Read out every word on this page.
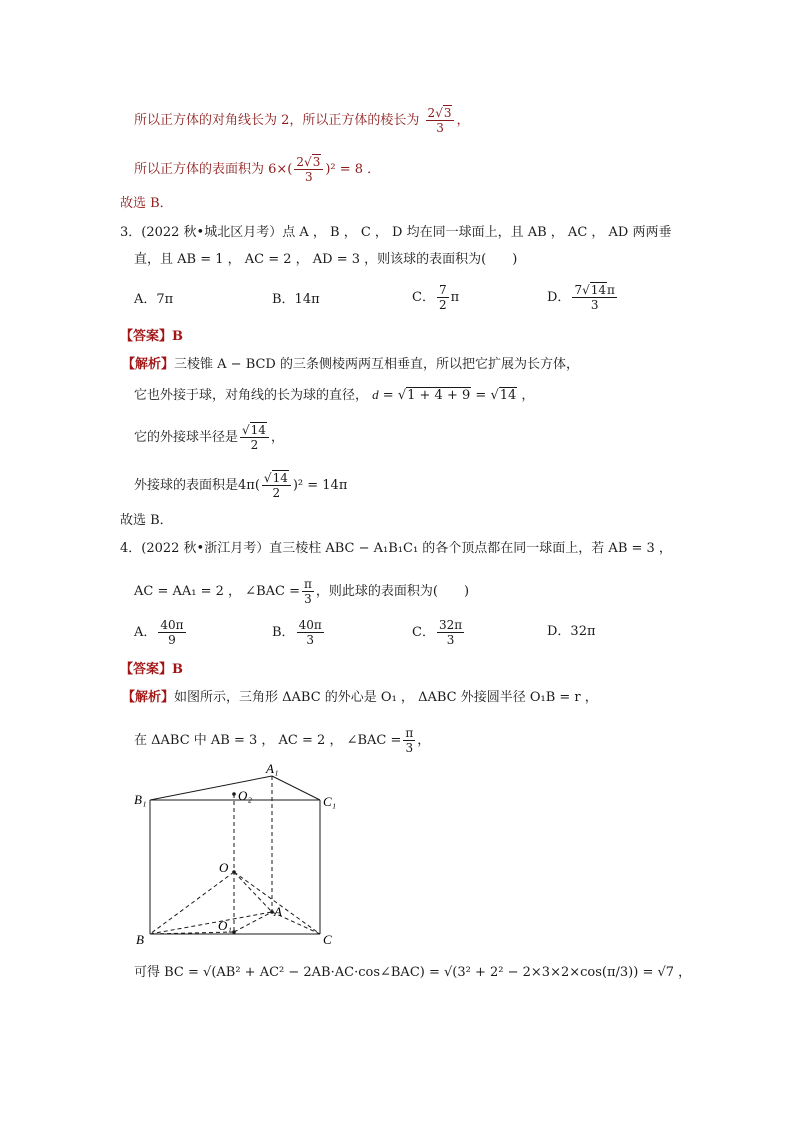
所以正方体的对角线长为 2，所以正方体的棱长为 $\frac{2√3}{3}$ ，
所以正方体的表面积为 $6\times( \frac{2√3}{3} )^2 = 8$ ．
故选 B．
3．(2022 秋•城北区月考）点 A ， B ， C ， D 均在同一球面上，且 AB ， AC ， AD 两两垂
直，且 AB = 1 ， AC = 2 ， AD = 3 ，则该球的表面积为(　　)
A．7π	B．14π	C． $\frac{7}{2}$ π	D． $\frac{7√14\pi}{3}$
【答案】B
【解析】三棱锥 A − BCD 的三条侧棱两两互相垂直，所以把它扩展为长方体，
它也外接于球，对角线的长为球的直径， d = √1 + 4 + 9 = √14 ，
它的外接球半径是 $\frac{√14}{2}$ ，
外接球的表面积是$4\pi( \frac{√14}{2} )^2 = 14\pi$
故选 B．
4．(2022 秋•浙江月考）直三棱柱 ABC − A₁B₁C₁ 的各个顶点都在同一球面上，若 AB = 3 ，
AC = AA₁ = 2 ， ∠BAC = $\frac{\pi}{3}$ ，则此球的表面积为(　　)
A． $\frac{40\pi}{9}$	B． $\frac{40\pi}{3}$	C． $\frac{32\pi}{3}$	D．32π
【答案】B
【解析】如图所示，三角形 ΔABC 的外心是 O₁ ， ΔABC 外接圆半径 O₁B = r ，
在 ΔABC 中 AB = 3 ， AC = 2 ， ∠BAC = $\frac{\pi}{3}$ ，
A₁
B₁	C₁
O₂
O
O₁
A
B	C
可得 BC = √(AB² + AC² − 2AB·AC·cos∠BAC) = √(3² + 2² − 2×3×2×cos(π/3)) = √7 ，
